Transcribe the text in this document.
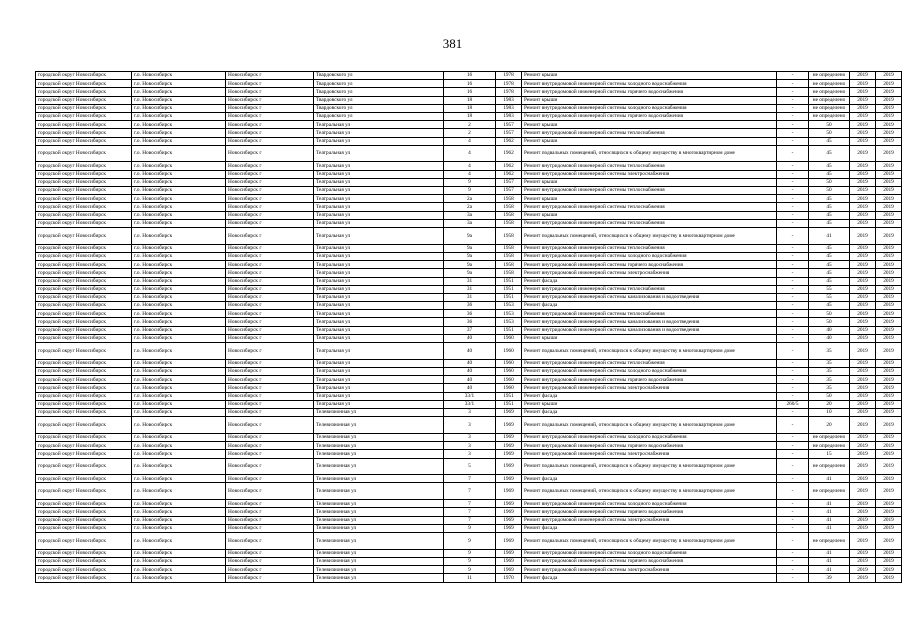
381
городской округ Новосибирск	г.о. Новосибирск	Новосибирск г	Твардовского ул	16	1978	Ремонт крыши	-	не определено	2019	2019
городской округ Новосибирск	г.о. Новосибирск	Новосибирск г	Твардовского ул	16	1978	Ремонт внутридомовой инженерной системы холодного водоснабжения	-	не определено	2019	2019
городской округ Новосибирск	г.о. Новосибирск	Новосибирск г	Твардовского ул	16	1978	Ремонт внутридомовой инженерной системы горячего водоснабжения	-	не определено	2019	2019
городской округ Новосибирск	г.о. Новосибирск	Новосибирск г	Твардовского ул	18	1983	Ремонт крыши	-	не определено	2019	2019
городской округ Новосибирск	г.о. Новосибирск	Новосибирск г	Твардовского ул	18	1983	Ремонт внутридомовой инженерной системы холодного водоснабжения	-	не определено	2019	2019
городской округ Новосибирск	г.о. Новосибирск	Новосибирск г	Твардовского ул	18	1983	Ремонт внутридомовой инженерной системы горячего водоснабжения	-	не определено	2019	2019
городской округ Новосибирск	г.о. Новосибирск	Новосибирск г	Театральная ул	2	1957	Ремонт крыши	-	50	2019	2019
городской округ Новосибирск	г.о. Новосибирск	Новосибирск г	Театральная ул	2	1957	Ремонт внутридомовой инженерной системы теплоснабжения	-	50	2019	2019
городской округ Новосибирск	г.о. Новосибирск	Новосибирск г	Театральная ул	4	1962	Ремонт крыши	-	45	2019	2019
городской округ Новосибирск	г.о. Новосибирск	Новосибирск г	Театральная ул	4	1962	Ремонт подвальных помещений, относящихся к общему имуществу в многоквартирном доме	-	45	2019	2019
городской округ Новосибирск	г.о. Новосибирск	Новосибирск г	Театральная ул	4	1962	Ремонт внутридомовой инженерной системы теплоснабжения	-	45	2019	2019
городской округ Новосибирск	г.о. Новосибирск	Новосибирск г	Театральная ул	4	1962	Ремонт внутридомовой инженерной системы электроснабжения	-	45	2019	2019
городской округ Новосибирск	г.о. Новосибирск	Новосибирск г	Театральная ул	9	1957	Ремонт крыши	-	50	2019	2019
городской округ Новосибирск	г.о. Новосибирск	Новосибирск г	Театральная ул	9	1957	Ремонт внутридомовой инженерной системы теплоснабжения	-	50	2019	2019
городской округ Новосибирск	г.о. Новосибирск	Новосибирск г	Театральная ул	2а	1958	Ремонт крыши	-	45	2019	2019
городской округ Новосибирск	г.о. Новосибирск	Новосибирск г	Театральная ул	2а	1958	Ремонт внутридомовой инженерной системы теплоснабжения	-	45	2019	2019
городской округ Новосибирск	г.о. Новосибирск	Новосибирск г	Театральная ул	3а	1958	Ремонт крыши	-	45	2019	2019
городской округ Новосибирск	г.о. Новосибирск	Новосибирск г	Театральная ул	3а	1958	Ремонт внутридомовой инженерной системы теплоснабжения	-	45	2019	2019
городской округ Новосибирск	г.о. Новосибирск	Новосибирск г	Театральная ул	9а	1958	Ремонт подвальных помещений, относящихся к общему имуществу в многоквартирном доме	-	41	2019	2019
городской округ Новосибирск	г.о. Новосибирск	Новосибирск г	Театральная ул	9а	1958	Ремонт внутридомовой инженерной системы теплоснабжения	-	45	2019	2019
городской округ Новосибирск	г.о. Новосибирск	Новосибирск г	Театральная ул	9а	1958	Ремонт внутридомовой инженерной системы холодного водоснабжения	-	45	2019	2019
городской округ Новосибирск	г.о. Новосибирск	Новосибирск г	Театральная ул	9а	1958	Ремонт внутридомовой инженерной системы горячего водоснабжения	-	45	2019	2019
городской округ Новосибирск	г.о. Новосибирск	Новосибирск г	Театральная ул	9а	1958	Ремонт внутридомовой инженерной системы электроснабжения	-	45	2019	2019
городской округ Новосибирск	г.о. Новосибирск	Новосибирск г	Театральная ул	31	1951	Ремонт фасада	-	45	2019	2019
городской округ Новосибирск	г.о. Новосибирск	Новосибирск г	Театральная ул	31	1951	Ремонт внутридомовой инженерной системы теплоснабжения	-	55	2019	2019
городской округ Новосибирск	г.о. Новосибирск	Новосибирск г	Театральная ул	31	1951	Ремонт внутридомовой инженерной системы канализования и водоотведения	-	55	2019	2019
городской округ Новосибирск	г.о. Новосибирск	Новосибирск г	Театральная ул	36	1953	Ремонт фасада	-	45	2019	2019
городской округ Новосибирск	г.о. Новосибирск	Новосибирск г	Театральная ул	36	1953	Ремонт внутридомовой инженерной системы теплоснабжения	-	50	2019	2019
городской округ Новосибирск	г.о. Новосибирск	Новосибирск г	Театральная ул	36	1953	Ремонт внутридомовой инженерной системы канализования и водоотведения	-	50	2019	2019
городской округ Новосибирск	г.о. Новосибирск	Новосибирск г	Театральная ул	37	1951	Ремонт внутридомовой инженерной системы канализования и водоотведения	-	40	2019	2019
городской округ Новосибирск	г.о. Новосибирск	Новосибирск г	Театральная ул	40	1960	Ремонт крыши	-	40	2019	2019
городской округ Новосибирск	г.о. Новосибирск	Новосибирск г	Театральная ул	40	1960	Ремонт подвальных помещений, относящихся к общему имуществу в многоквартирном доме	-	35	2019	2019
городской округ Новосибирск	г.о. Новосибирск	Новосибирск г	Театральная ул	40	1960	Ремонт внутридомовой инженерной системы теплоснабжения	-	35	2019	2019
городской округ Новосибирск	г.о. Новосибирск	Новосибирск г	Театральная ул	40	1960	Ремонт внутридомовой инженерной системы холодного водоснабжения	-	35	2019	2019
городской округ Новосибирск	г.о. Новосибирск	Новосибирск г	Театральная ул	40	1960	Ремонт внутридомовой инженерной системы горячего водоснабжения	-	35	2019	2019
городской округ Новосибирск	г.о. Новосибирск	Новосибирск г	Театральная ул	40	1960	Ремонт внутридомовой инженерной системы электроснабжения	-	35	2019	2019
городской округ Новосибирск	г.о. Новосибирск	Новосибирск г	Театральная ул	33/1	1951	Ремонт фасада	-	50	2019	2019
городской округ Новосибирск	г.о. Новосибирск	Новосибирск г	Театральная ул	33/1	1951	Ремонт крыши	260/5	20	2019	2019
городской округ Новосибирск	г.о. Новосибирск	Новосибирск г	Телевизионная ул	3	1969	Ремонт фасада	-	10	2019	2019
городской округ Новосибирск	г.о. Новосибирск	Новосибирск г	Телевизионная ул	3	1969	Ремонт подвальных помещений, относящихся к общему имуществу в многоквартирном доме	-	20	2019	2019
городской округ Новосибирск	г.о. Новосибирск	Новосибирск г	Телевизионная ул	3	1969	Ремонт внутридомовой инженерной системы холодного водоснабжения	-	не определено	2019	2019
городской округ Новосибирск	г.о. Новосибирск	Новосибирск г	Телевизионная ул	3	1969	Ремонт внутридомовой инженерной системы горячего водоснабжения	-	не определено	2019	2019
городской округ Новосибирск	г.о. Новосибирск	Новосибирск г	Телевизионная ул	3	1969	Ремонт внутридомовой инженерной системы электроснабжения	-	15	2019	2019
городской округ Новосибирск	г.о. Новосибирск	Новосибирск г	Телевизионная ул	5	1969	Ремонт подвальных помещений, относящихся к общему имуществу в многоквартирном доме	-	не определено	2019	2019
городской округ Новосибирск	г.о. Новосибирск	Новосибирск г	Телевизионная ул	7	1969	Ремонт фасада	-	41	2019	2019
городской округ Новосибирск	г.о. Новосибирск	Новосибирск г	Телевизионная ул	7	1969	Ремонт подвальных помещений, относящихся к общему имуществу в многоквартирном доме	-	не определено	2019	2019
городской округ Новосибирск	г.о. Новосибирск	Новосибирск г	Телевизионная ул	7	1969	Ремонт внутридомовой инженерной системы холодного водоснабжения	-	41	2019	2019
городской округ Новосибирск	г.о. Новосибирск	Новосибирск г	Телевизионная ул	7	1969	Ремонт внутридомовой инженерной системы горячего водоснабжения	-	41	2019	2019
городской округ Новосибирск	г.о. Новосибирск	Новосибирск г	Телевизионная ул	7	1969	Ремонт внутридомовой инженерной системы электроснабжения	-	41	2019	2019
городской округ Новосибирск	г.о. Новосибирск	Новосибирск г	Телевизионная ул	9	1969	Ремонт фасада	-	41	2019	2019
городской округ Новосибирск	г.о. Новосибирск	Новосибирск г	Телевизионная ул	9	1969	Ремонт подвальных помещений, относящихся к общему имуществу в многоквартирном доме	-	не определено	2019	2019
городской округ Новосибирск	г.о. Новосибирск	Новосибирск г	Телевизионная ул	9	1969	Ремонт внутридомовой инженерной системы холодного водоснабжения	-	41	2019	2019
городской округ Новосибирск	г.о. Новосибирск	Новосибирск г	Телевизионная ул	9	1969	Ремонт внутридомовой инженерной системы горячего водоснабжения	-	41	2019	2019
городской округ Новосибирск	г.о. Новосибирск	Новосибирск г	Телевизионная ул	9	1969	Ремонт внутридомовой инженерной системы электроснабжения	-	41	2019	2019
городской округ Новосибирск	г.о. Новосибирск	Новосибирск г	Телевизионная ул	11	1970	Ремонт фасада	-	39	2019	2019
